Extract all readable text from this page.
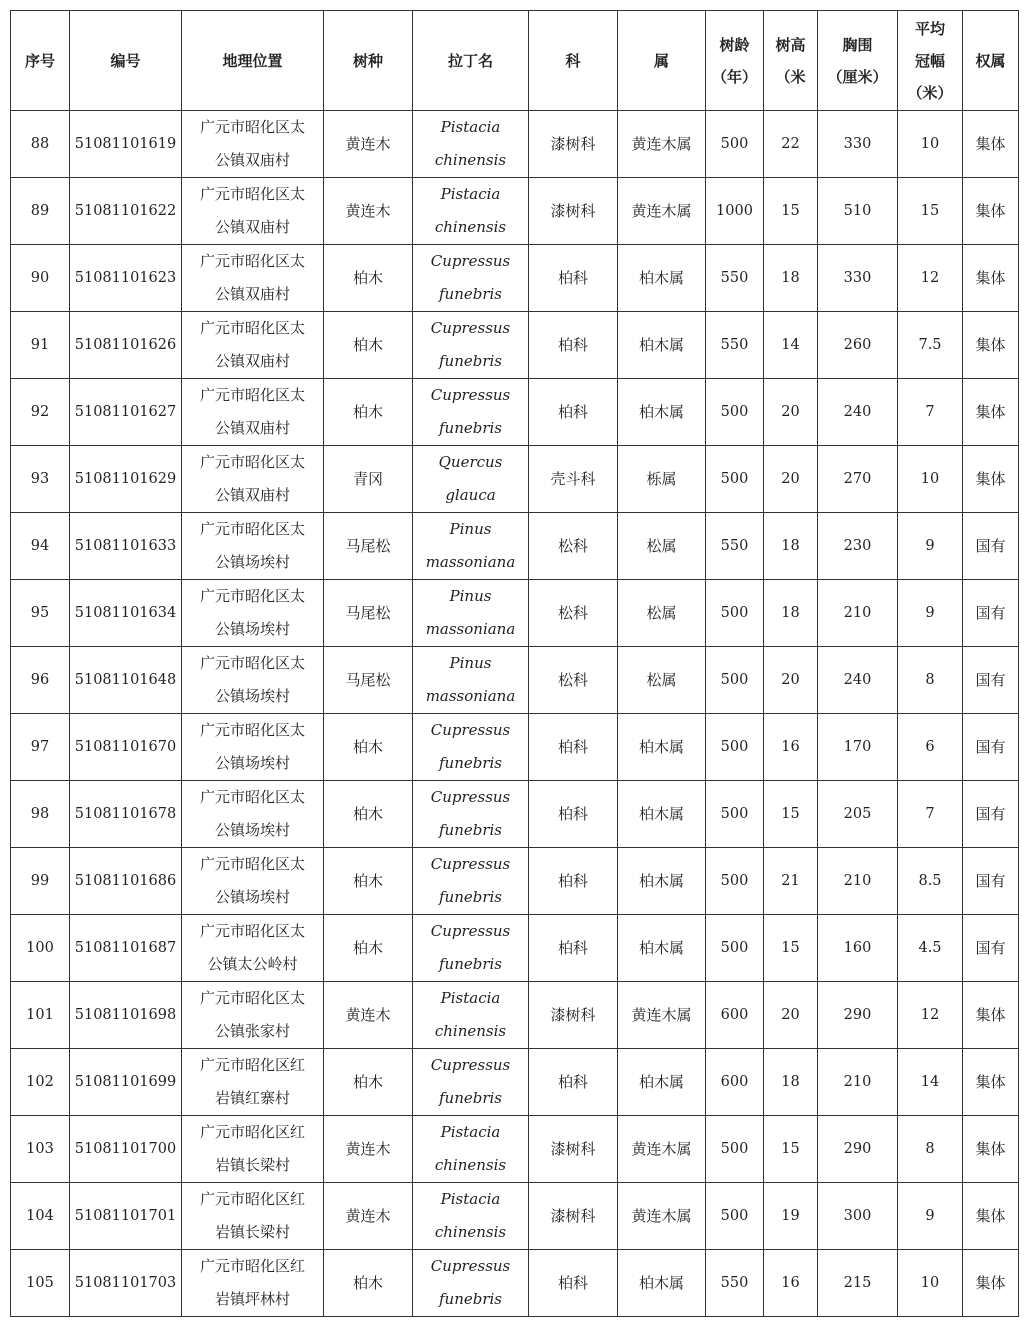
序号	编号	地理位置	树种	拉丁名	科	属	树龄
（年）	树高
（米	胸围
（厘米）	平均
冠幅
（米）	权属
88	51081101619	广元市昭化区太
公镇双庙村	黄连木	Pistacia
chinensis	漆树科	黄连木属	500	22	330	10	集体
89	51081101622	广元市昭化区太
公镇双庙村	黄连木	Pistacia
chinensis	漆树科	黄连木属	1000	15	510	15	集体
90	51081101623	广元市昭化区太
公镇双庙村	柏木	Cupressus
funebris	柏科	柏木属	550	18	330	12	集体
91	51081101626	广元市昭化区太
公镇双庙村	柏木	Cupressus
funebris	柏科	柏木属	550	14	260	7.5	集体
92	51081101627	广元市昭化区太
公镇双庙村	柏木	Cupressus
funebris	柏科	柏木属	500	20	240	7	集体
93	51081101629	广元市昭化区太
公镇双庙村	青冈	Quercus
glauca	壳斗科	栎属	500	20	270	10	集体
94	51081101633	广元市昭化区太
公镇场埃村	马尾松	Pinus
massoniana	松科	松属	550	18	230	9	国有
95	51081101634	广元市昭化区太
公镇场埃村	马尾松	Pinus
massoniana	松科	松属	500	18	210	9	国有
96	51081101648	广元市昭化区太
公镇场埃村	马尾松	Pinus
massoniana	松科	松属	500	20	240	8	国有
97	51081101670	广元市昭化区太
公镇场埃村	柏木	Cupressus
funebris	柏科	柏木属	500	16	170	6	国有
98	51081101678	广元市昭化区太
公镇场埃村	柏木	Cupressus
funebris	柏科	柏木属	500	15	205	7	国有
99	51081101686	广元市昭化区太
公镇场埃村	柏木	Cupressus
funebris	柏科	柏木属	500	21	210	8.5	国有
100	51081101687	广元市昭化区太
公镇太公岭村	柏木	Cupressus
funebris	柏科	柏木属	500	15	160	4.5	国有
101	51081101698	广元市昭化区太
公镇张家村	黄连木	Pistacia
chinensis	漆树科	黄连木属	600	20	290	12	集体
102	51081101699	广元市昭化区红
岩镇红寨村	柏木	Cupressus
funebris	柏科	柏木属	600	18	210	14	集体
103	51081101700	广元市昭化区红
岩镇长梁村	黄连木	Pistacia
chinensis	漆树科	黄连木属	500	15	290	8	集体
104	51081101701	广元市昭化区红
岩镇长梁村	黄连木	Pistacia
chinensis	漆树科	黄连木属	500	19	300	9	集体
105	51081101703	广元市昭化区红
岩镇坪林村	柏木	Cupressus
funebris	柏科	柏木属	550	16	215	10	集体
